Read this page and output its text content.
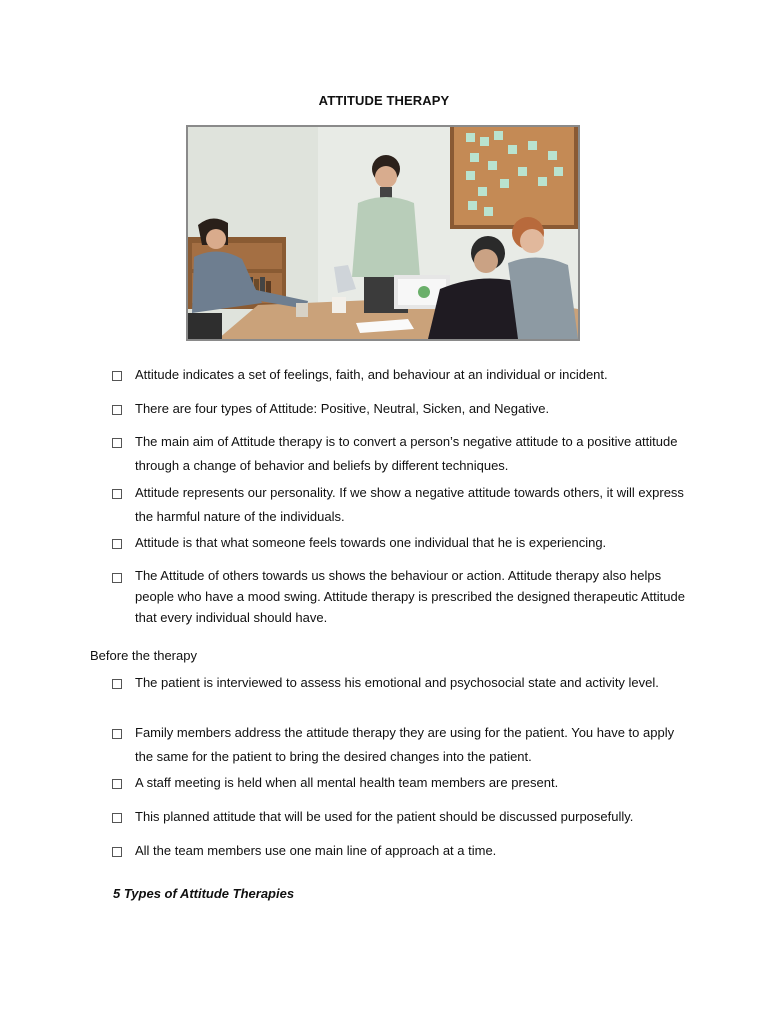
ATTITUDE THERAPY
Attitude indicates a set of feelings, faith, and behaviour at an individual or incident.
There are four types of Attitude: Positive, Neutral, Sicken, and Negative.
The main aim of Attitude therapy is to convert a person’s negative attitude to a positive attitude through a change of behavior and beliefs by different techniques.
Attitude represents our personality. If we show a negative attitude towards others, it will express the harmful nature of the individuals.
Attitude is that what someone feels towards one individual that he is experiencing.
The Attitude of others towards us shows the behaviour or action. Attitude therapy also helps people who have a mood swing. Attitude therapy is prescribed the designed therapeutic Attitude that every individual should have.
Before the therapy
The patient is interviewed to assess his emotional and psychosocial state and activity level.
Family members address the attitude therapy they are using for the patient. You have to apply the same for the patient to bring the desired changes into the patient.
A staff meeting is held when all mental health team members are present.
This planned attitude that will be used for the patient should be discussed purposefully.
All the team members use one main line of approach at a time.
5 Types of Attitude Therapies
